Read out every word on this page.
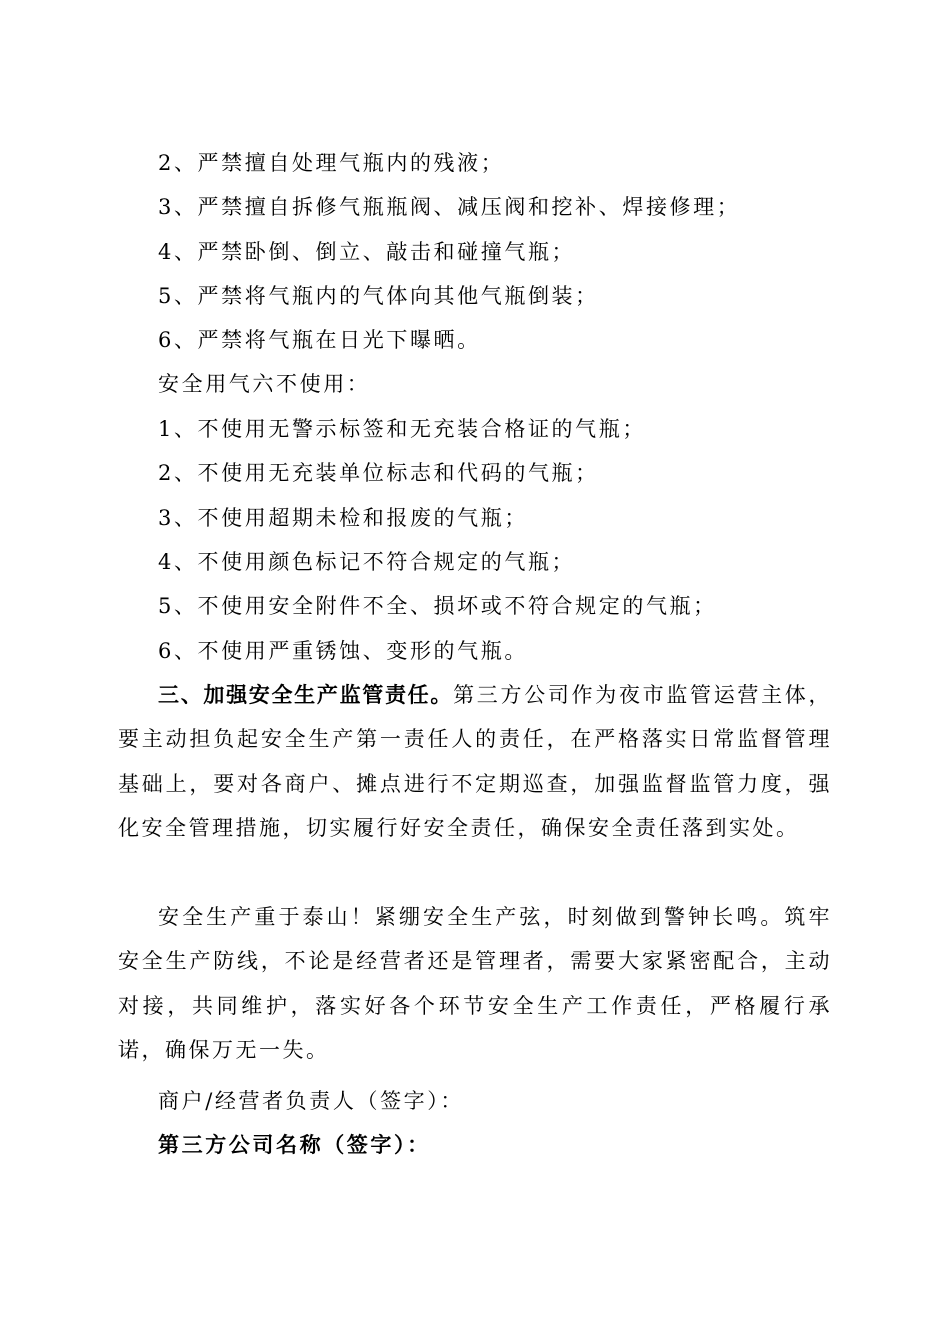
2、严禁擅自处理气瓶内的残液；
3、严禁擅自拆修气瓶瓶阀、减压阀和挖补、焊接修理；
4、严禁卧倒、倒立、敲击和碰撞气瓶；
5、严禁将气瓶内的气体向其他气瓶倒装；
6、严禁将气瓶在日光下曝晒。
安全用气六不使用：
1、不使用无警示标签和无充装合格证的气瓶；
2、不使用无充装单位标志和代码的气瓶；
3、不使用超期未检和报废的气瓶；
4、不使用颜色标记不符合规定的气瓶；
5、不使用安全附件不全、损坏或不符合规定的气瓶；
6、不使用严重锈蚀、变形的气瓶。

三、加强安全生产监管责任。第三方公司作为夜市监管运营主体，要主动担负起安全生产第一责任人的责任，在严格落实日常监督管理基础上，要对各商户、摊点进行不定期巡查，加强监督监管力度，强化安全管理措施，切实履行好安全责任，确保安全责任落到实处。

安全生产重于泰山！紧绷安全生产弦，时刻做到警钟长鸣。筑牢安全生产防线，不论是经营者还是管理者，需要大家紧密配合，主动对接，共同维护，落实好各个环节安全生产工作责任，严格履行承诺，确保万无一失。

商户/经营者负责人（签字）：
第三方公司名称（签字）：
